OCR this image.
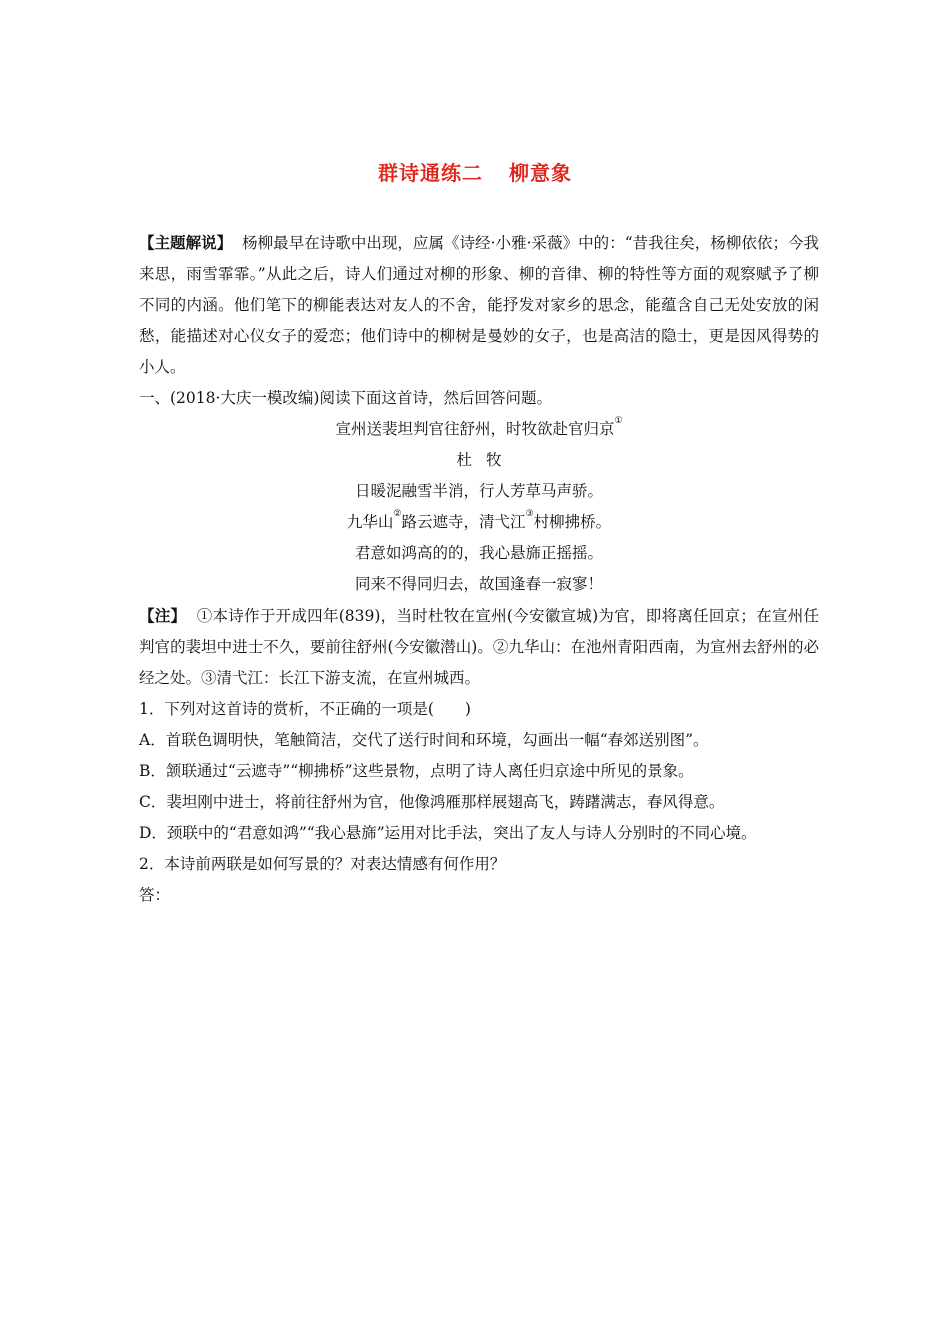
群诗通练二 柳意象

【主题解说】 杨柳最早在诗歌中出现，应属《诗经·小雅·采薇》中的：“昔我往矣，杨柳依依；今我来思，雨雪霏霏。”从此之后，诗人们通过对柳的形象、柳的音律、柳的特性等方面的观察赋予了柳不同的内涵。他们笔下的柳能表达对友人的不舍，能抒发对家乡的思念，能蕴含自己无处安放的闲愁，能描述对心仪女子的爱恋；他们诗中的柳树是曼妙的女子，也是高洁的隐士，更是因风得势的小人。

一、(2018·大庆一模改编)阅读下面这首诗，然后回答问题。

宣州送裴坦判官往舒州，时牧欲赴官归京①

杜牧

日暖泥融雪半消，行人芳草马声骄。

九华山②路云遮寺，清弋江③村柳拂桥。

君意如鸿高的的，我心悬旆正摇摇。

同来不得同归去，故国逢春一寂寥！

【注】 ①本诗作于开成四年(839)，当时杜牧在宣州(今安徽宣城)为官，即将离任回京；在宣州任判官的裴坦中进士不久，要前往舒州(今安徽潜山)。②九华山：在池州青阳西南，为宣州去舒州的必经之处。③清弋江：长江下游支流，在宣州城西。

1．下列对这首诗的赏析，不正确的一项是(　　)

A．首联色调明快，笔触简洁，交代了送行时间和环境，勾画出一幅“春郊送别图”。

B．颔联通过“云遮寺”“柳拂桥”这些景物，点明了诗人离任归京途中所见的景象。

C．裴坦刚中进士，将前往舒州为官，他像鸿雁那样展翅高飞，踌躇满志，春风得意。

D．颈联中的“君意如鸿”“我心悬旆”运用对比手法，突出了友人与诗人分别时的不同心境。

2．本诗前两联是如何写景的？对表达情感有何作用？

答：
